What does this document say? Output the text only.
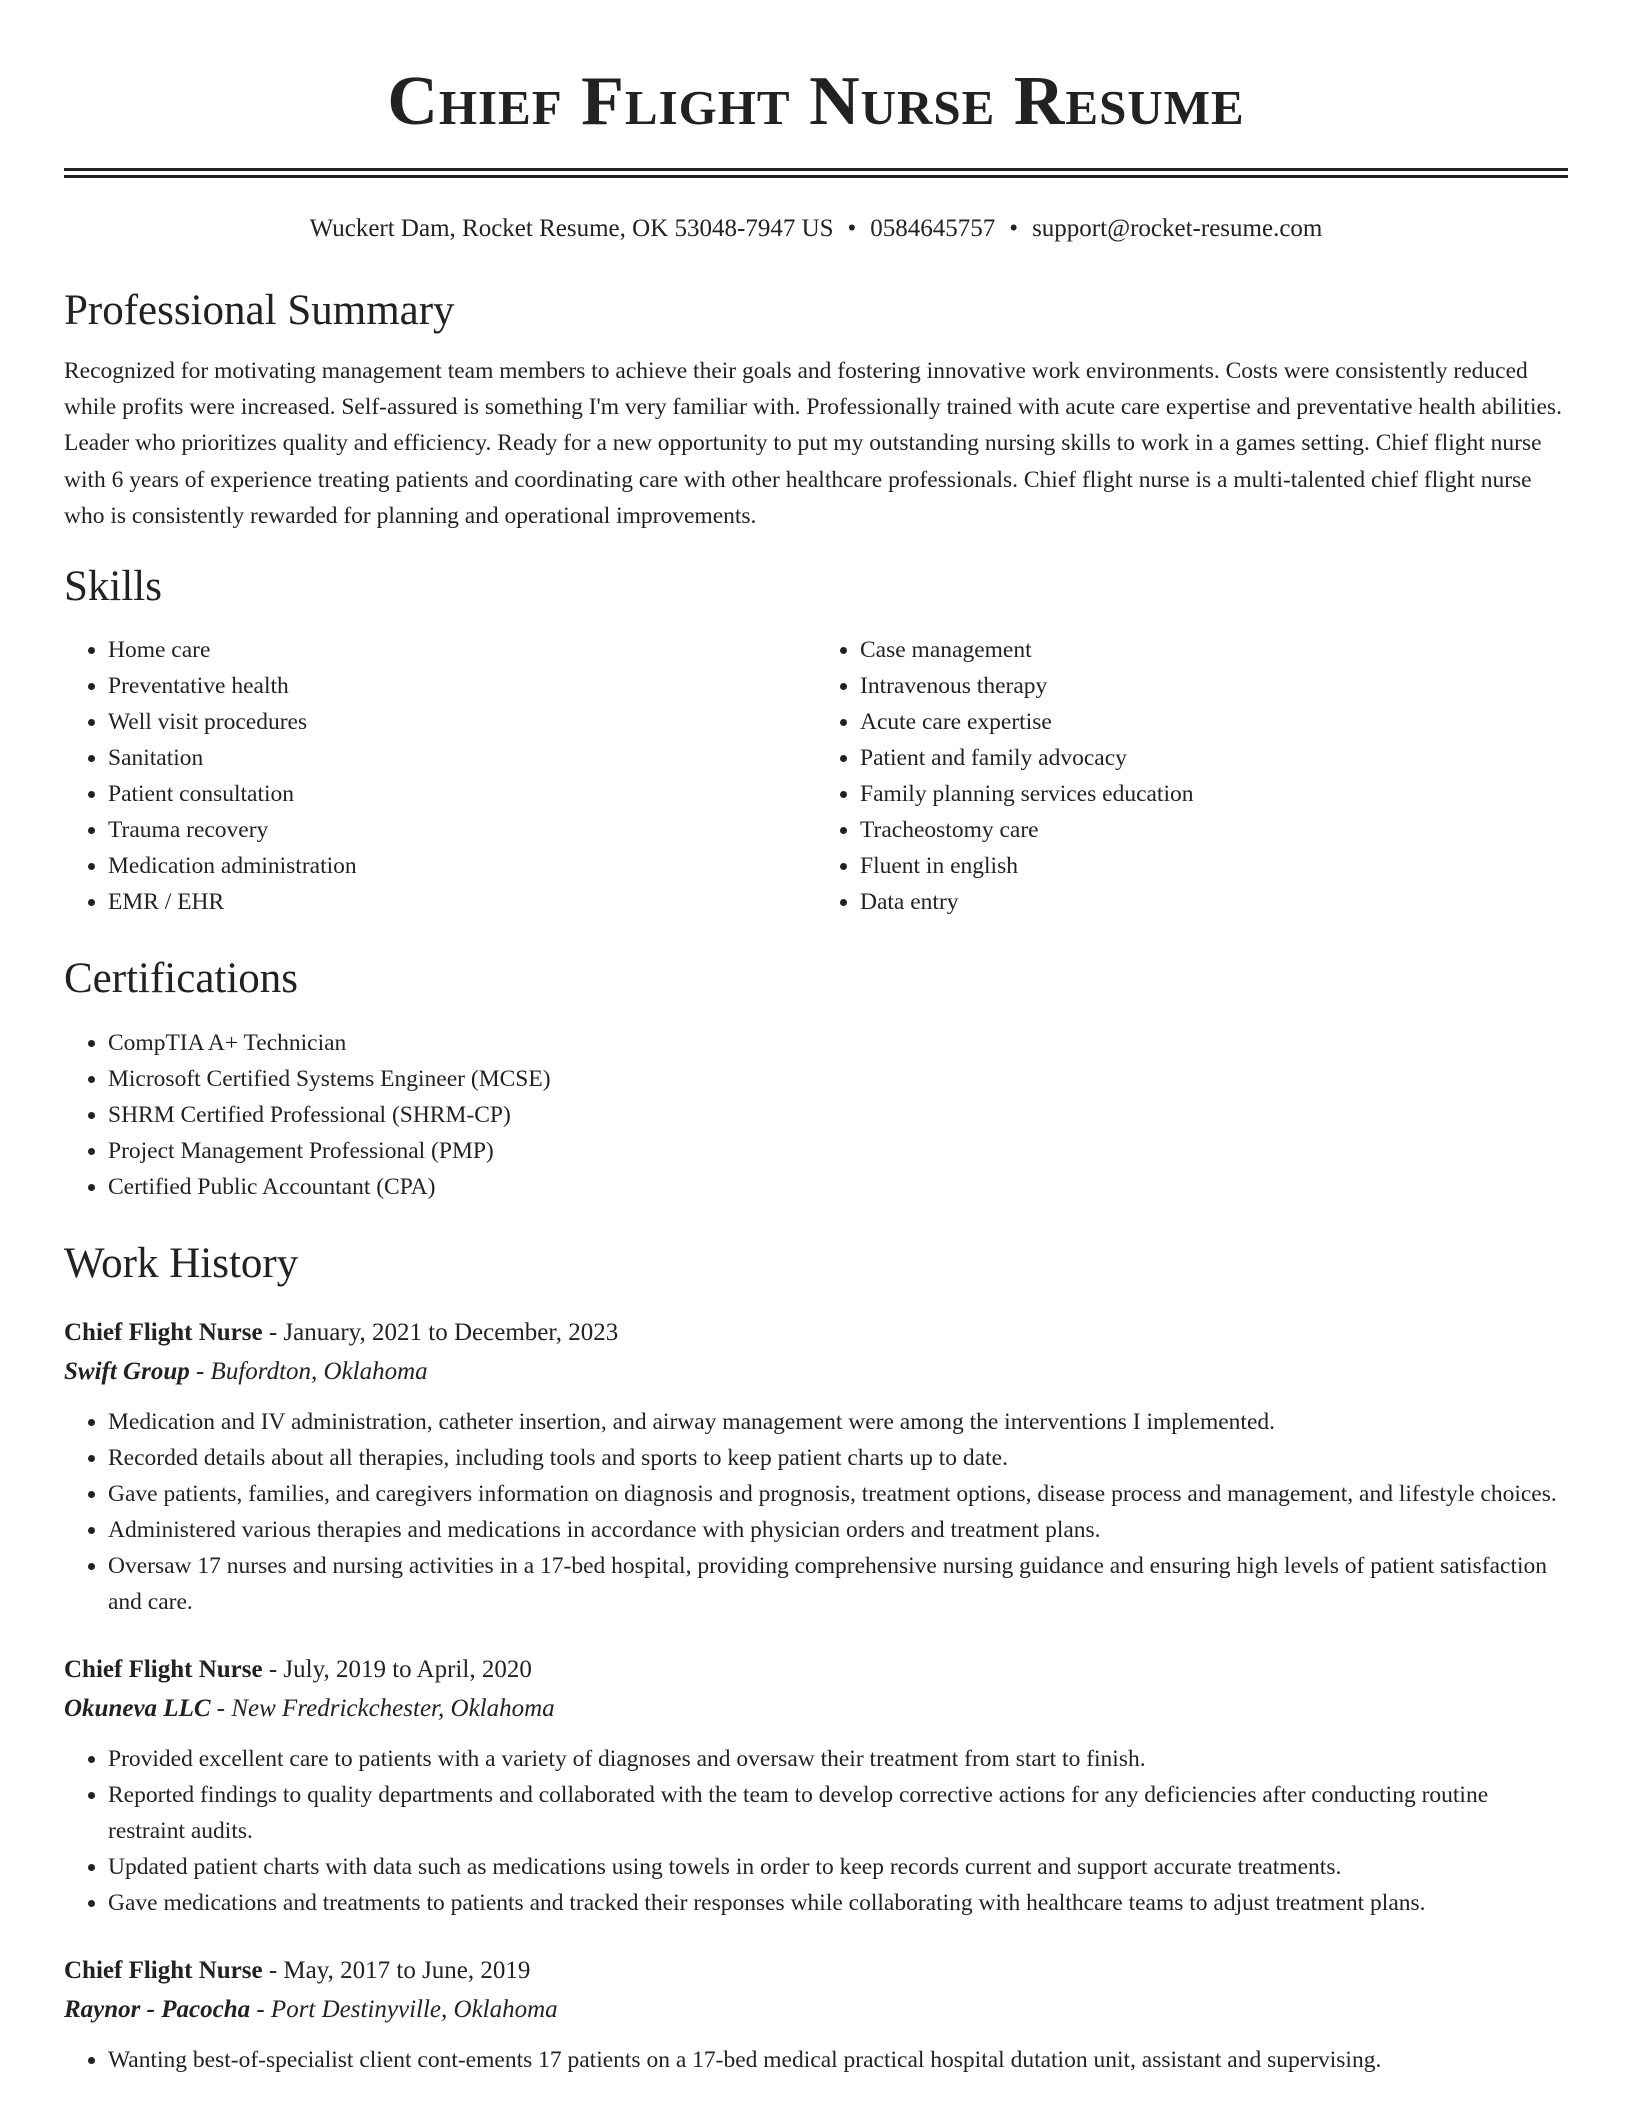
Chief Flight Nurse Resume
Wuckert Dam, Rocket Resume, OK 53048-7947 US • 0584645757 • support@rocket-resume.com
Professional Summary

Recognized for motivating management team members to achieve their goals and fostering innovative work environments. Costs were consistently reduced while profits were increased. Self-assured is something I'm very familiar with. Professionally trained with acute care expertise and preventative health abilities. Leader who prioritizes quality and efficiency. Ready for a new opportunity to put my outstanding nursing skills to work in a games setting. Chief flight nurse with 6 years of experience treating patients and coordinating care with other healthcare professionals. Chief flight nurse is a multi-talented chief flight nurse who is consistently rewarded for planning and operational improvements.

Skills
• Home care
• Preventative health
• Well visit procedures
• Sanitation
• Patient consultation
• Trauma recovery
• Medication administration
• EMR / EHR
• Case management
• Intravenous therapy
• Acute care expertise
• Patient and family advocacy
• Family planning services education
• Tracheostomy care
• Fluent in english
• Data entry
Certifications
• CompTIA A+ Technician
• Microsoft Certified Systems Engineer (MCSE)
• SHRM Certified Professional (SHRM-CP)
• Project Management Professional (PMP)
• Certified Public Accountant (CPA)
Work History
Chief Flight Nurse - January, 2021 to December, 2023
Swift Group - Bufordton, Oklahoma
• Medication and IV administration, catheter insertion, and airway management were among the interventions I implemented.
• Recorded details about all therapies, including tools and sports to keep patient charts up to date.
• Gave patients, families, and caregivers information on diagnosis and prognosis, treatment options, disease process and management, and lifestyle choices.
• Administered various therapies and medications in accordance with physician orders and treatment plans.
• Oversaw 17 nurses and nursing activities in a 17-bed hospital, providing comprehensive nursing guidance and ensuring high levels of patient satisfaction and care.
Chief Flight Nurse - July, 2019 to April, 2020
Okuneva LLC - New Fredrickchester, Oklahoma
• Provided excellent care to patients with a variety of diagnoses and oversaw their treatment from start to finish.
• Reported findings to quality departments and collaborated with the team to develop corrective actions for any deficiencies after conducting routine restraint audits.
• Updated patient charts with data such as medications using towels in order to keep records current and support accurate treatments.
• Gave medications and treatments to patients and tracked their responses while collaborating with healthcare teams to adjust treatment plans.
Chief Flight Nurse - May, 2017 to June, 2019
Raynor - Pacocha - Port Destinyville, Oklahoma
• Wanting best-of-specialist client cont-ements 17 patients on a 17-bed medical practical hospital dutation unit, assistant and supervising.
